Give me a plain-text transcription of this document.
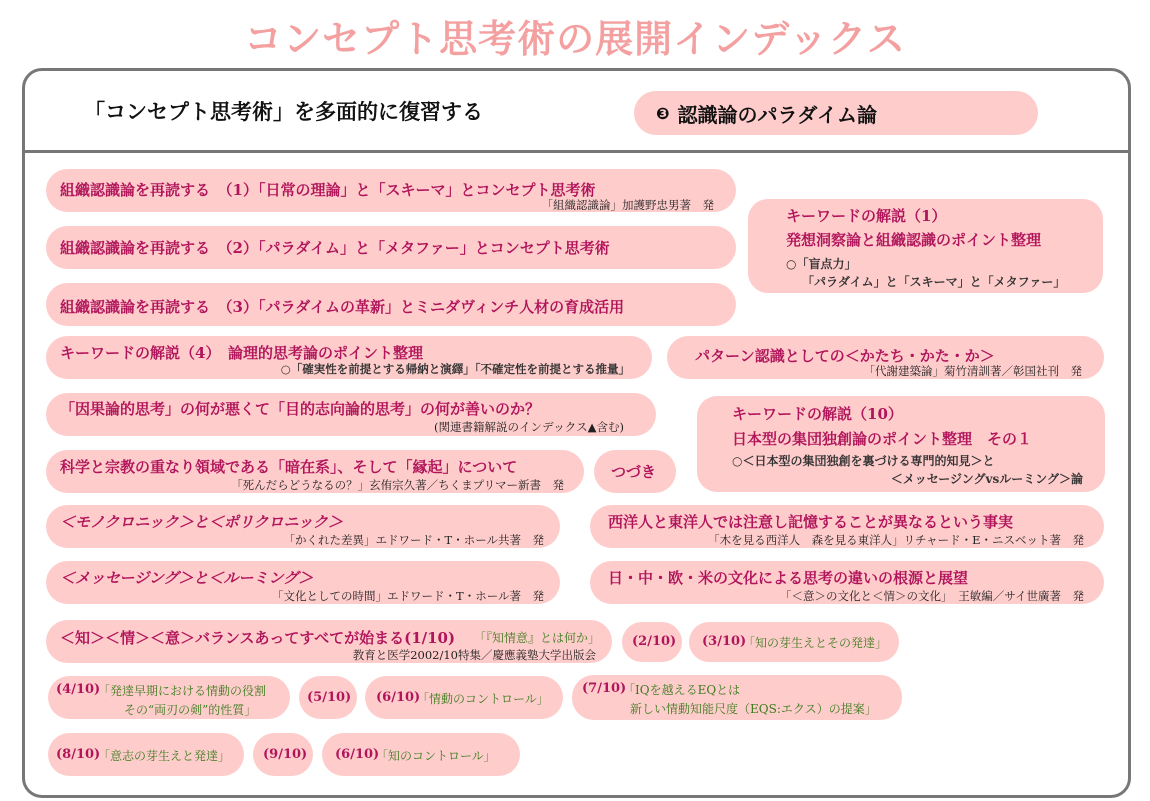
コンセプト思考術の展開インデックス
「コンセプト思考術」を多面的に復習する	❸ 認識論のパラダイム論
組織認識論を再読する　（1）「日常の理論」と「スキーマ」とコンセプト思考術
「組織認識論」加護野忠男著　発
組織認識論を再読する　（2）「パラダイム」と「メタファー」とコンセプト思考術
組織認識論を再読する　（3）「パラダイムの革新」とミニダヴィンチ人材の育成活用
キーワードの解説（1）
発想洞察論と組織認識のポイント整理
○「盲点力」
「パラダイム」と「スキーマ」と「メタファー」
キーワードの解説（4）　論理的思考論のポイント整理
○「確実性を前提とする帰納と演繹」「不確定性を前提とする推量」
パターン認識としての＜かたち・かた・か＞
「代謝建築論」菊竹清訓著／彰国社刊　発
「因果論的思考」の何が悪くて「目的志向論的思考」の何が善いのか？
(関連書籍解説のインデックス▲含む)
キーワードの解説（10）
日本型の集団独創論のポイント整理　その１
○＜日本型の集団独創を裏づける専門的知見＞と
＜メッセージングvsルーミング＞論
科学と宗教の重なり領域である「暗在系」、そして「縁起」について
「死んだらどうなるの？」玄侑宗久著／ちくまプリマー新書　発
つづき
＜モノクロニック＞と＜ポリクロニック＞
「かくれた差異」エドワード・T・ホール共著　発
西洋人と東洋人では注意し記憶することが異なるという事実
「木を見る西洋人　森を見る東洋人」リチャード・E・ニスベット著　発
＜メッセージング＞と＜ルーミング＞
「文化としての時間」エドワード・T・ホール著　発
日・中・欧・米の文化による思考の違いの根源と展望
「＜意＞の文化と＜情＞の文化」　王敏編／サイ世廣著　発
＜知＞＜情＞＜意＞バランスあってすべてが始まる(1/10) 「『知情意』とは何か」
教育と医学2002/10特集／慶應義塾大学出版会
(2/10) (3/10)
「知の芽生えとその発達」
(4/10)
「発達早期における情動の役割
その“両刃の剣”的性質」
(5/10) (6/10)
「情動のコントロール」
(7/10)
「IQを越えるEQとは
新しい情動知能尺度（EQS:エクス）の提案」
(8/10)
「意志の芽生えと発達」	(9/10) (6/10)
「知のコントロール」
